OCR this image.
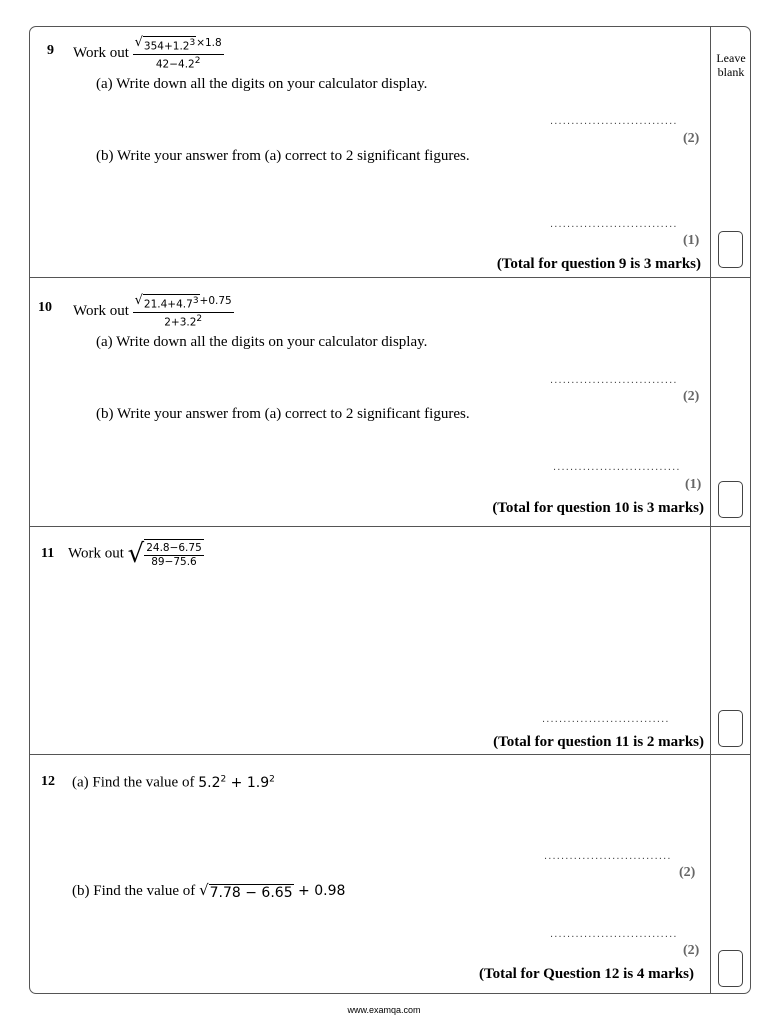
Leave blank
9 Work out $\frac{√ 354+1.2^3 \times 1.8}{42-4.2^2}$
(a) Write down all the digits on your calculator display.
..............................
(2)
(b) Write your answer from (a) correct to 2 significant figures.
..............................
(1)
(Total for question 9 is 3 marks)
10 Work out $\frac{√ 21.4+4.7^3 +0.75}{2+3.2^2}$
(a) Write down all the digits on your calculator display.
..............................
(2)
(b) Write your answer from (a) correct to 2 significant figures.
..............................
(1)
(Total for question 10 is 3 marks)
11 Work out √ $\frac{24.8-6.75}{89-75.6}$
..............................
(Total for question 11 is 2 marks)
12 (a) Find the value of $5.2^2 + 1.9^2$
..............................
(2)
(b) Find the value of √ 7.78 − 6.65 + 0.98
..............................
(2)
(Total for Question 12 is 4 marks)
www.examqa.com
